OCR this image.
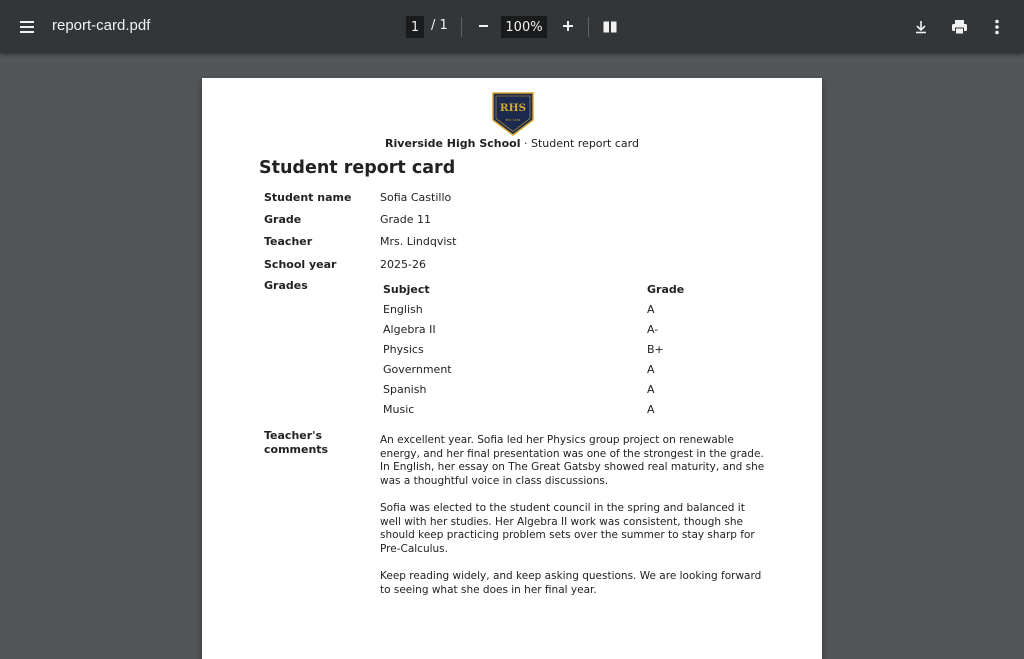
report-card.pdf	1 / 1	100%
RHS
EST. 1954
Riverside High School · Student report card
Student report card
Student name	Sofia Castillo
Grade	Grade 11
Teacher	Mrs. Lindqvist
School year	2025-26
Grades	Subject	Grade
English	A
Algebra II	A-
Physics	B+
Government	A
Spanish	A
Music	A
Teacher's
comments

An excellent year. Sofia led her Physics group project on renewable energy, and her final presentation was one of the strongest in the grade. In English, her essay on The Great Gatsby showed real maturity, and she was a thoughtful voice in class discussions.

Sofia was elected to the student council in the spring and balanced it well with her studies. Her Algebra II work was consistent, though she should keep practicing problem sets over the summer to stay sharp for Pre-Calculus.

Keep reading widely, and keep asking questions. We are looking forward to seeing what she does in her final year.
